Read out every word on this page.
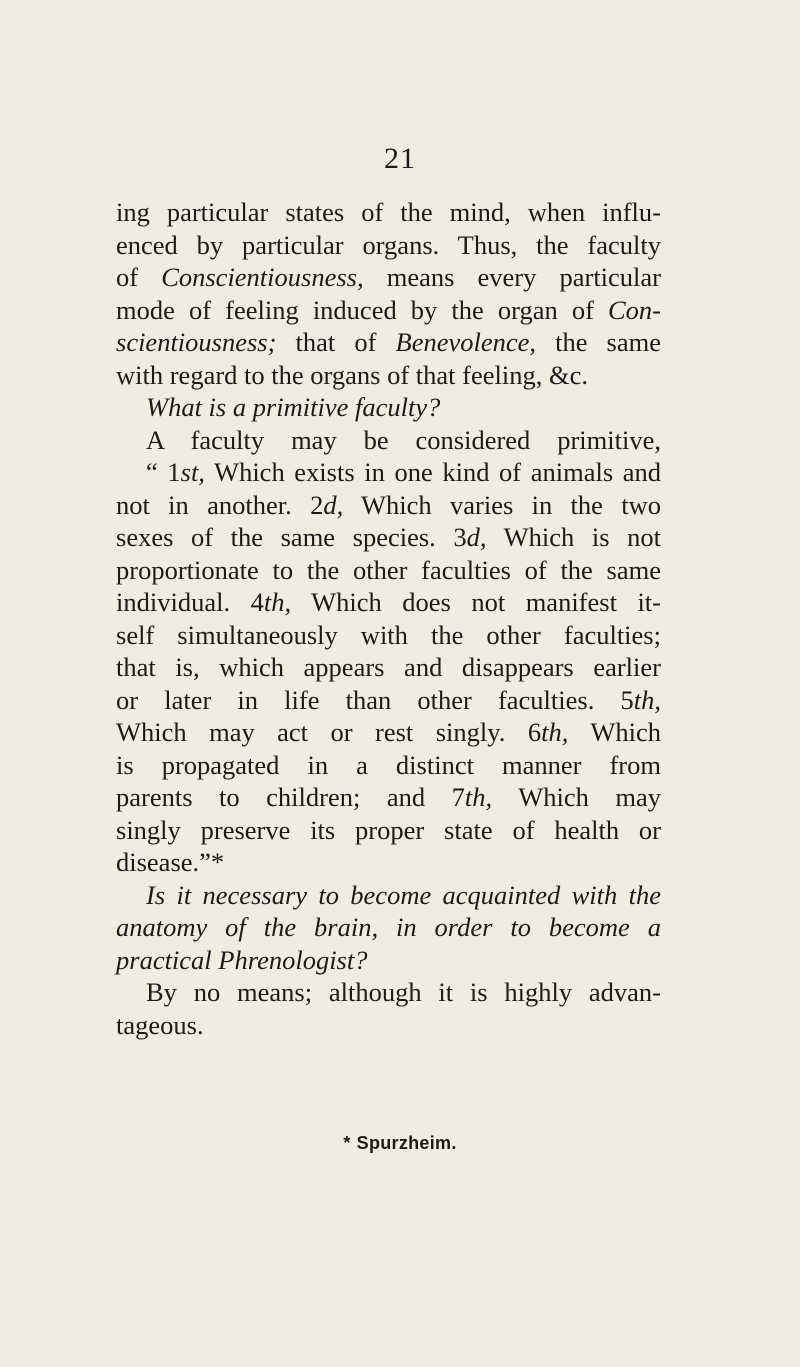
21
ing particular states of the mind, when influ-
enced by particular organs. Thus, the faculty
of Conscientiousness, means every particular
mode of feeling induced by the organ of Con-
scientiousness; that of Benevolence, the same
with regard to the organs of that feeling, &c.
What is a primitive faculty?
A faculty may be considered primitive,
“ 1st, Which exists in one kind of animals and
not in another. 2d, Which varies in the two
sexes of the same species. 3d, Which is not
proportionate to the other faculties of the same
individual. 4th, Which does not manifest it-
self simultaneously with the other faculties;
that is, which appears and disappears earlier
or later in life than other faculties. 5th,
Which may act or rest singly. 6th, Which
is propagated in a distinct manner from
parents to children; and 7th, Which may
singly preserve its proper state of health or
disease.”*
Is it necessary to become acquainted with the
anatomy of the brain, in order to become a
practical Phrenologist?
By no means; although it is highly advan-
tageous.
* Spurzheim.
